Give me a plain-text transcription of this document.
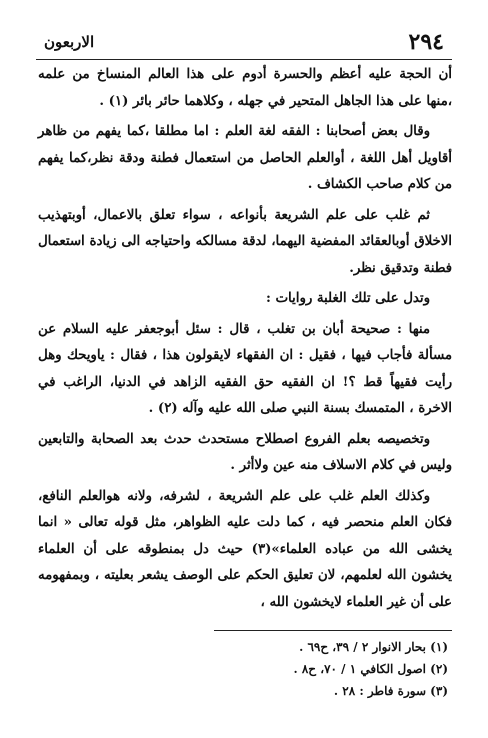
٢٩٤
الاربعون

أن الحجة عليه أعظم والحسرة أدوم على هذا العالم المنساخ من علمه ،منها على هذا الجاهل المتحير في جهله ، وكلاهما حائر بائر (١) .

وقال بعض أصحابنا : الفقه لغة العلم : اما مطلقا ،كما يفهم من ظاهر أقاويل أهل اللغة ، أوالعلم الحاصل من استعمال فطنة ودقة نظر،كما يفهم من كلام صاحب الكشاف .

ثم غلب على علم الشريعة بأنواعه ، سواء تعلق بالاعمال، أوبتهذيب الاخلاق أوبالعقائد المفضية اليهما، لدقة مسالكه واحتياجه الى زيادة استعمال فطنة وتدقيق نظر.

وتدل على تلك الغلبة روايات :

منها : صحيحة أبان بن تغلب ، قال : سئل أبوجعفر عليه السلام عن مسألة فأجاب فيها ، فقيل : ان الفقهاء لايقولون هذا ، فقال : ياويحك وهل رأيت فقيهاً قط ؟! ان الفقيه حق الفقيه الزاهد في الدنيا، الراغب في الاخرة ، المتمسك بسنة النبي صلى الله عليه وآله (٢) .

وتخصيصه بعلم الفروع اصطلاح مستحدث حدث بعد الصحابة والتابعين وليس في كلام الاسلاف منه عين ولاأثر .

وكذلك العلم غلب على علم الشريعة ، لشرفه، ولانه هوالعلم النافع، فكان العلم منحصر فيه ، كما دلت عليه الظواهر، مثل قوله تعالى « انما يخشى الله من عباده العلماء»(٣) حيث دل بمنطوقه على أن العلماء يخشون الله لعلمهم، لان تعليق الحكم على الوصف يشعر بعليته ، وبمفهومه على أن غير العلماء لايخشون الله ،

(١) بحار الانوار ٢ / ٣٩، ح٦٩ .

(٢) اصول الكافي ١ / ٧٠، ح٨ .

(٣) سورة فاطر : ٢٨ .
